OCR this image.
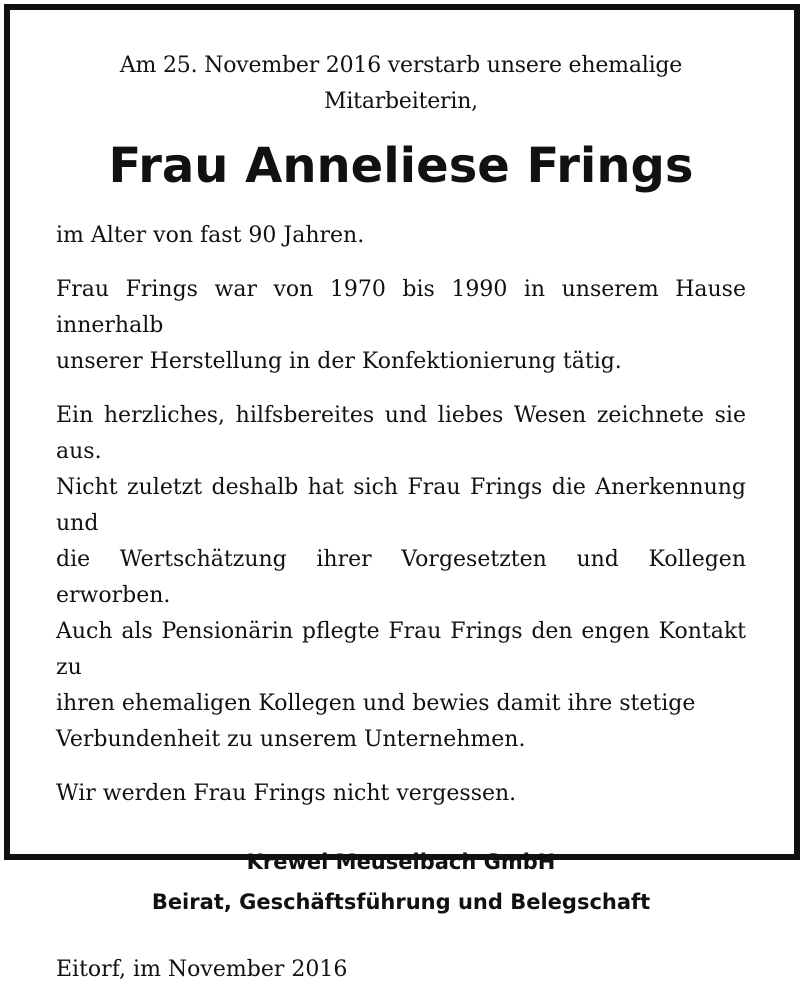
Am 25. November 2016 verstarb unsere ehemalige Mitarbeiterin,

Frau Anneliese Frings

im Alter von fast 90 Jahren.

Frau Frings war von 1970 bis 1990 in unserem Hause innerhalb
unserer Herstellung in der Konfektionierung tätig.

Ein herzliches, hilfsbereites und liebes Wesen zeichnete sie aus.
Nicht zuletzt deshalb hat sich Frau Frings die Anerkennung und
die Wertschätzung ihrer Vorgesetzten und Kollegen erworben.
Auch als Pensionärin pflegte Frau Frings den engen Kontakt zu
ihren ehemaligen Kollegen und bewies damit ihre stetige
Verbundenheit zu unserem Unternehmen.

Wir werden Frau Frings nicht vergessen.

Krewel Meuselbach GmbH
Beirat, Geschäftsführung und Belegschaft

Eitorf, im November 2016
